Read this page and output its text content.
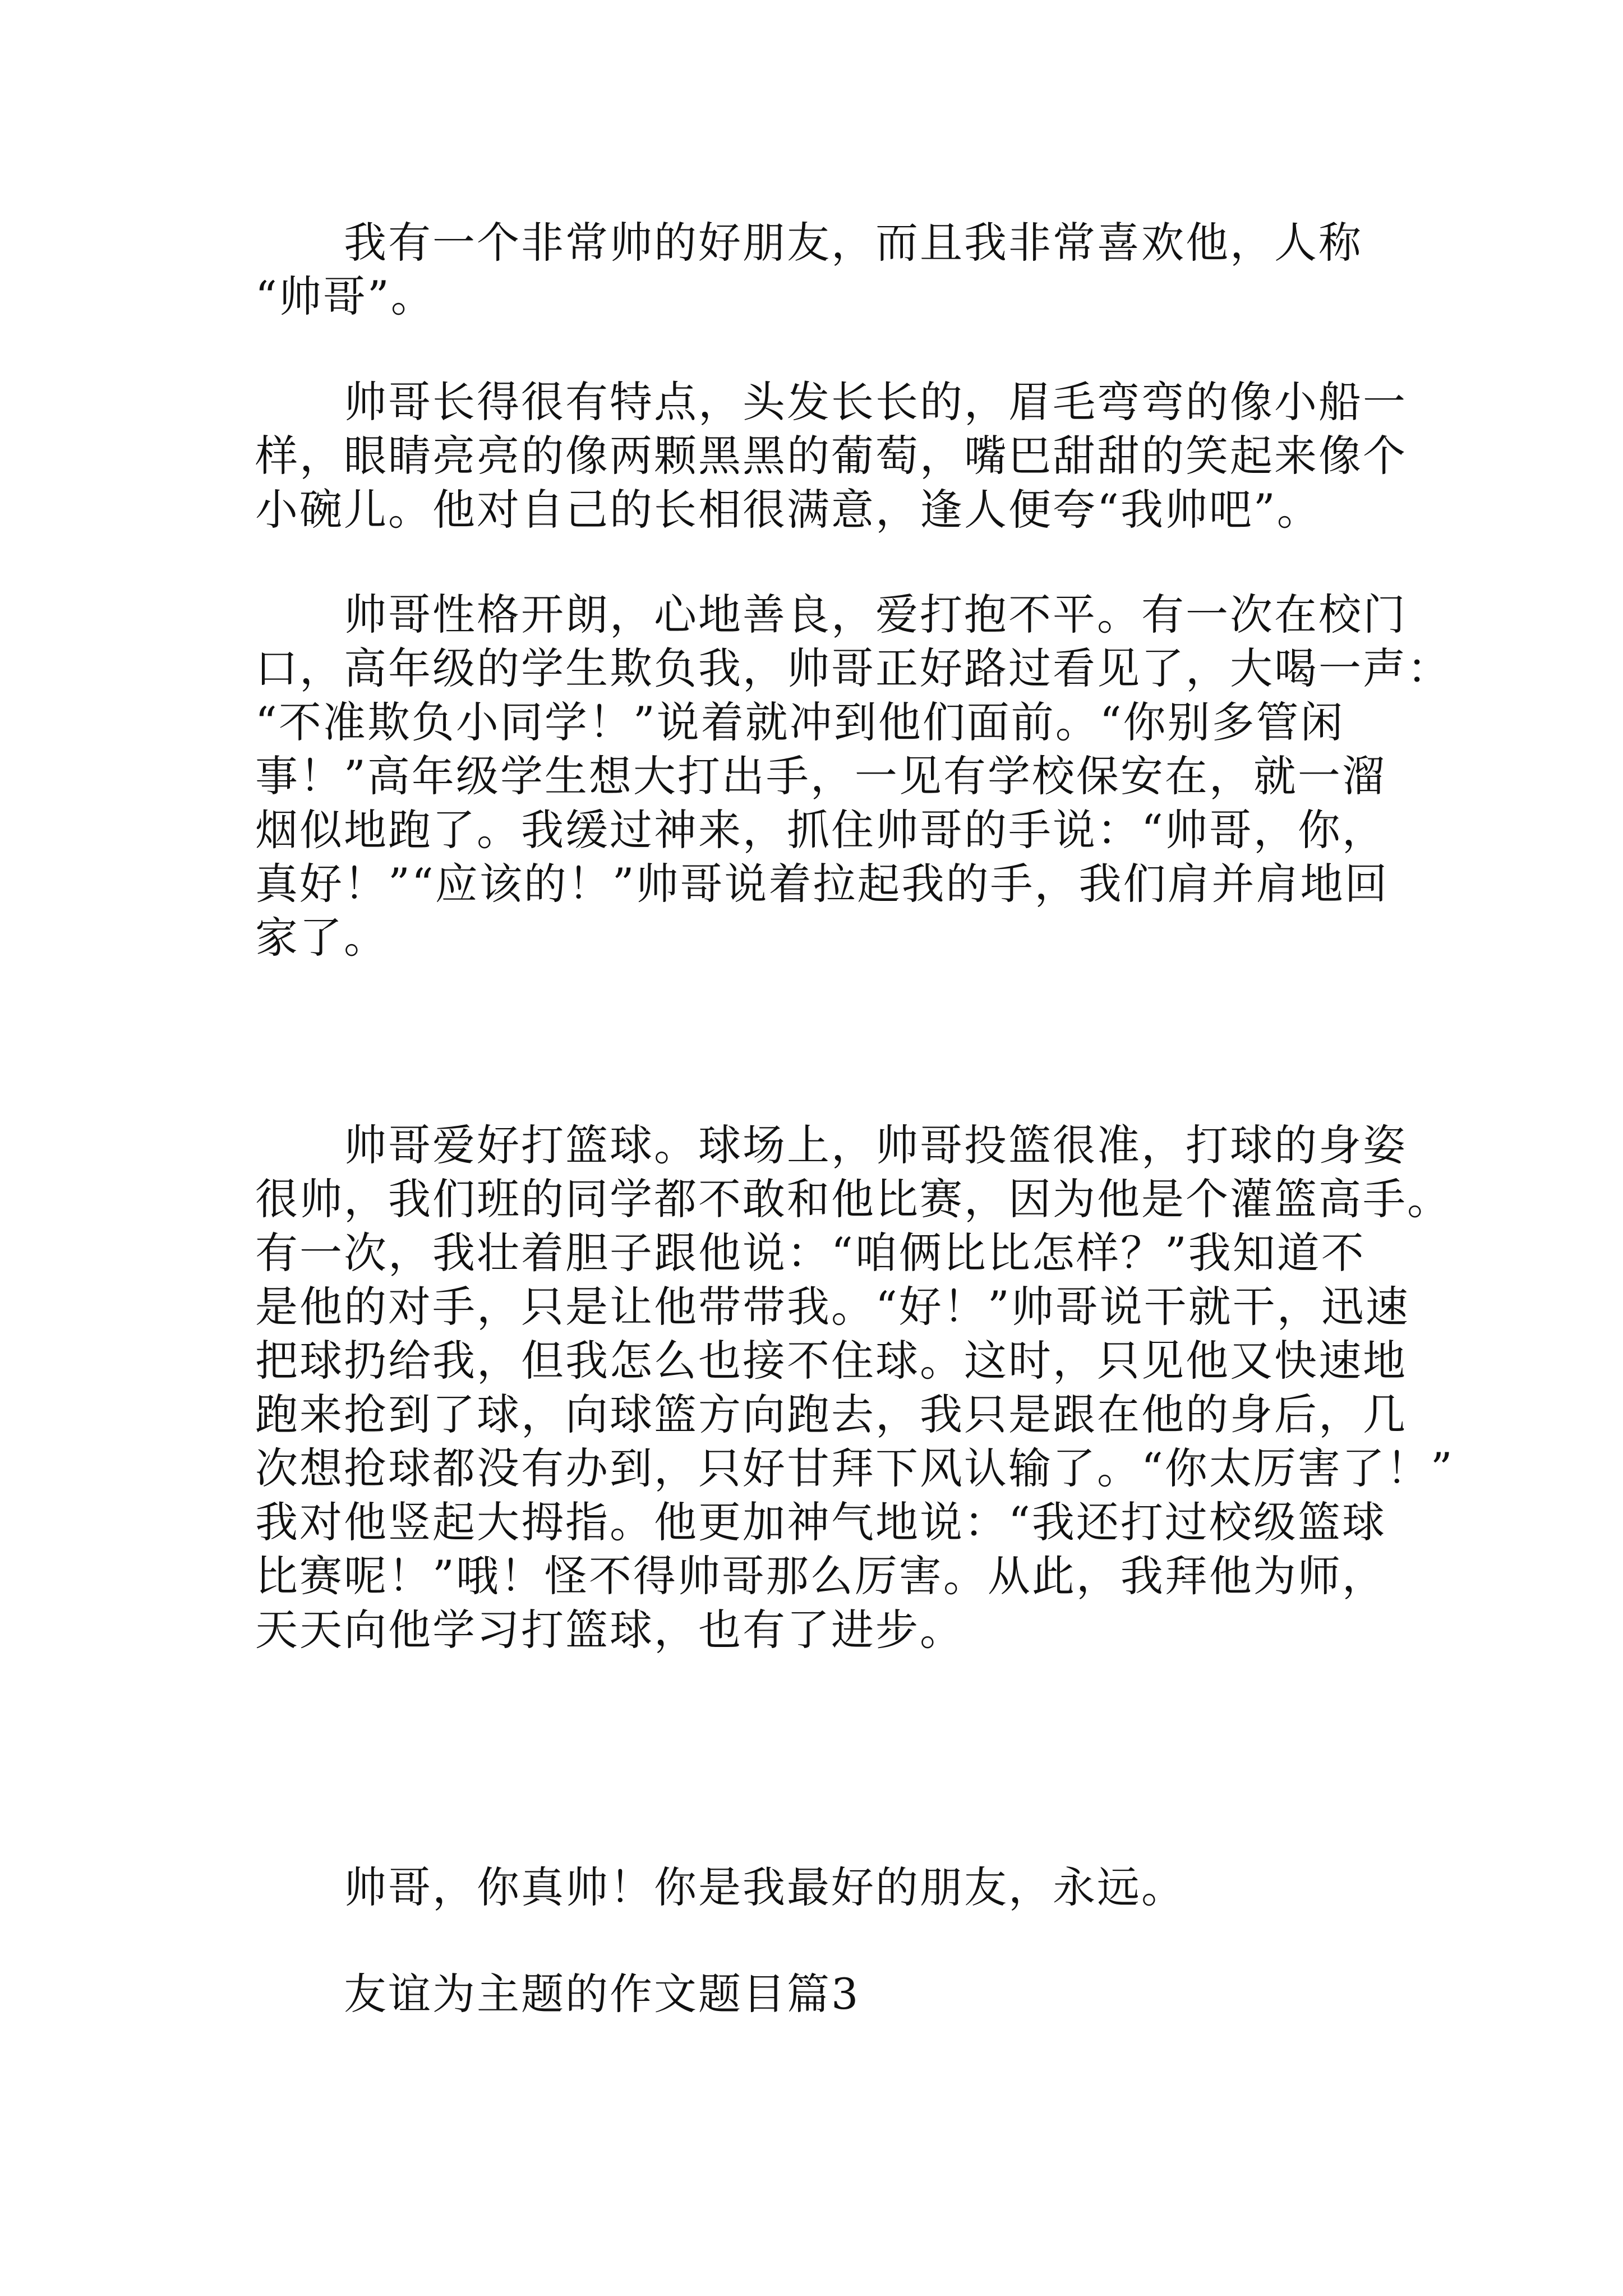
　　我有一个非常帅的好朋友，而且我非常喜欢他，人称
“帅哥”。
　　帅哥长得很有特点，头发长长的，眉毛弯弯的像小船一
样，眼睛亮亮的像两颗黑黑的葡萄，嘴巴甜甜的笑起来像个
小碗儿。他对自己的长相很满意，逢人便夸“我帅吧”。
　　帅哥性格开朗，心地善良，爱打抱不平。有一次在校门
口，高年级的学生欺负我，帅哥正好路过看见了，大喝一声：
“不准欺负小同学！”说着就冲到他们面前。“你别多管闲
事！”高年级学生想大打出手，一见有学校保安在，就一溜
烟似地跑了。我缓过神来，抓住帅哥的手说：“帅哥，你，
真好！”“应该的！”帅哥说着拉起我的手，我们肩并肩地回
家了。
　　帅哥爱好打篮球。球场上，帅哥投篮很准，打球的身姿
很帅，我们班的同学都不敢和他比赛，因为他是个灌篮高手。
有一次，我壮着胆子跟他说：“咱俩比比怎样？”我知道不
是他的对手，只是让他带带我。“好！”帅哥说干就干，迅速
把球扔给我，但我怎么也接不住球。这时，只见他又快速地
跑来抢到了球，向球篮方向跑去，我只是跟在他的身后，几
次想抢球都没有办到，只好甘拜下风认输了。“你太厉害了！”
我对他竖起大拇指。他更加神气地说：“我还打过校级篮球
比赛呢！”哦！怪不得帅哥那么厉害。从此，我拜他为师，
天天向他学习打篮球，也有了进步。
　　帅哥，你真帅！你是我最好的朋友，永远。
　　友谊为主题的作文题目篇3
